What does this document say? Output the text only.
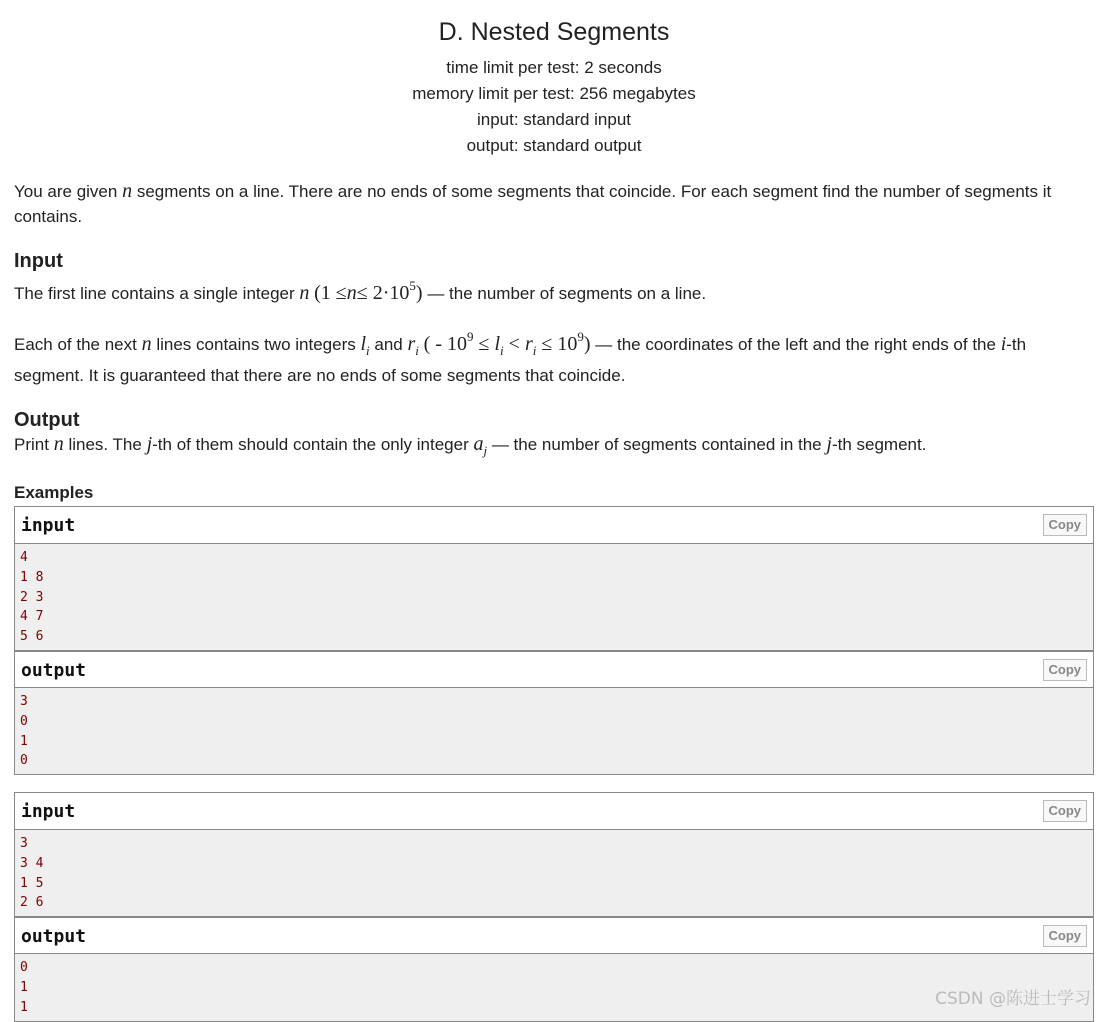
D. Nested Segments
time limit per test: 2 seconds
memory limit per test: 256 megabytes
input: standard input
output: standard output

You are given n segments on a line. There are no ends of some segments that coincide. For each segment find the number of segments it contains.

Input

The first line contains a single integer n $(1 \le n\le 2\cdot 10^5)$ — the number of segments on a line.

Each of the next n lines contains two integers $l_i$ and $r_i$ ( - $10^9 \le l_i < r_i \le 10^9$) — the coordinates of the left and the right ends of the i-th segment. It is guaranteed that there are no ends of some segments that coincide.

Output

Print n lines. The j-th of them should contain the only integer $a_j$ — the number of segments contained in the j-th segment.

Examples
input	Copy
4
1 8
2 3
4 7
5 6
output	Copy
3
0
1
0
input	Copy
3
3 4
1 5
2 6
output	Copy
0
1
1	CSDN @陈进士学习
